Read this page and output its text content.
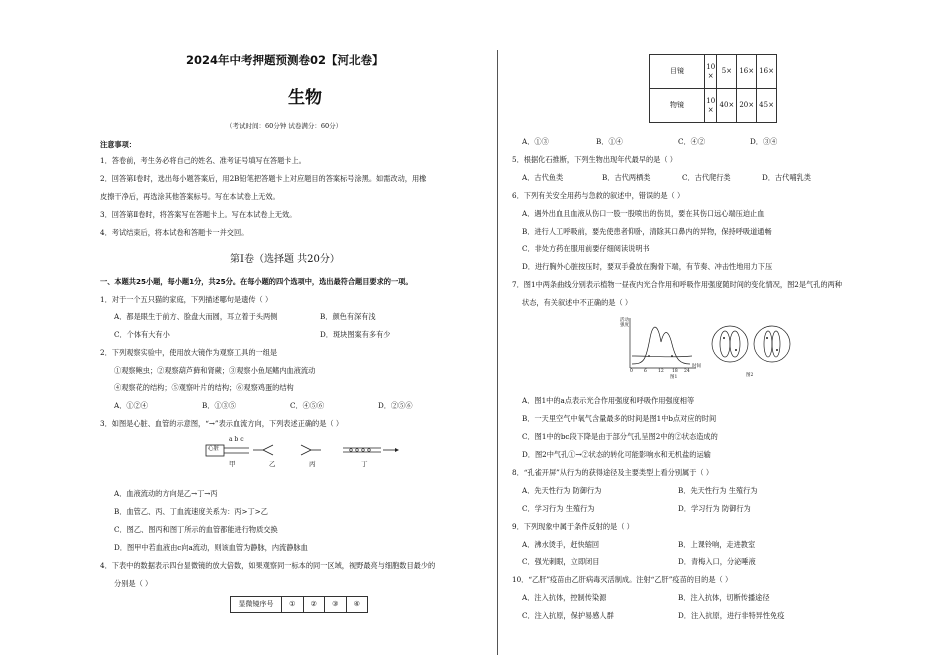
2024年中考押题预测卷02【河北卷】
生物
（考试时间：60分钟 试卷满分：60分）
注意事项：
1．答卷前，考生务必将自己的姓名、准考证号填写在答题卡上。
2．回答第Ⅰ卷时，选出每小题答案后，用2B铅笔把答题卡上对应题目的答案标号涂黑。如需改动，用橡
皮擦干净后，再选涂其他答案标号。写在本试卷上无效。
3．回答第Ⅱ卷时，将答案写在答题卡上。写在本试卷上无效。
4．考试结束后，将本试卷和答题卡一并交回。
第Ⅰ卷（选择题 共20分）
一、本题共25小题，每小题1分，共25分。在每小题的四个选项中，选出最符合题目要求的一项。
1．对于一个五只猫的家庭，下列描述哪句是遗传（ ）
A．都是眼生于前方、脸盘大而圆，耳立着于头两侧	B．颜色有深有浅
C．个体有大有小	D．斑块图案有多有少
2．下列观察实验中，使用放大镜作为观察工具的一组是
①观察鲍虫；②观察葫芦藓和肾蕨；③观察小鱼尾鳍内血液流动
④观察花的结构；⑤观察叶片的结构；⑥观察鸡蛋的结构
A．①②④	B．①③⑤	C．④⑤⑥	D．②⑤⑥
3．如图是心脏、血管的示意图，“→”表示血流方向，下列表述正确的是（ ）
心脏
a b c
甲	乙	丙	丁
A．血液流动的方向是乙→丁→丙
B．血管乙、丙、丁血流速度关系为：丙>丁>乙
C．图乙、图丙和图丁所示的血管都能进行物质交换
D．图甲中若血液由c向a流动，则该血管为静脉，内流静脉血
4．下表中的数据表示四台显微镜的放大倍数，如果观察同一标本的同一区域，视野最亮与细胞数目最少的
分别是（ ）
显微镜序号	①	②	③	④
目镜	10
×	5×	16×	16×
物镜	10
×	40×	20×	45×
A．①③	B．①④	C．④②	D．③④
5．根据化石推断，下列生物出现年代最早的是（ ）
A．古代鱼类	B．古代两栖类	C．古代爬行类	D．古代哺乳类
6．下列有关安全用药与急救的叙述中，错误的是（ ）
A．遇外出血且血液从伤口一股一股喷出的伤员，要在其伤口远心端压迫止血
B．进行人工呼吸前，要先使患者仰卧，清除其口鼻内的异物，保持呼吸道通畅
C．非处方药在服用前要仔细阅读说明书
D．进行胸外心脏按压时，要双手叠放在胸骨下端，有节奏、冲击性地用力下压
7．图1中两条曲线分别表示植物一昼夜内光合作用和呼吸作用强度随时间的变化情况，图2是气孔的两种
状态，有关叙述中不正确的是（ ）
活动
强度
0 6 12 18 24
时间
图1	图2
A．图1中的a点表示光合作用强度和呼吸作用强度相等
B．一天里空气中氧气含量最多的时间是图1中b点对应的时间
C．图1中的bc段下降是由于部分气孔呈图2中的②状态造成的
D．图2中气孔①→②状态的转化可能影响水和无机盐的运输
8．“孔雀开屏”从行为的获得途径及主要类型上看分别属于（ ）
A．先天性行为 防御行为	B．先天性行为 生殖行为
C．学习行为 生殖行为	D．学习行为 防御行为
9．下列现象中属于条件反射的是（ ）
A．沸水烫手，赶快缩回	B．上课铃响，走进教室
C．强光刺眼，立即闭目	D．青梅入口，分泌唾液
10．“乙肝”疫苗由乙肝病毒灭活制成。注射“乙肝”疫苗的目的是（ ）
A．注入抗体，控制传染源	B．注入抗体，切断传播途径
C．注入抗原，保护易感人群	D．注入抗原，进行非特异性免疫
